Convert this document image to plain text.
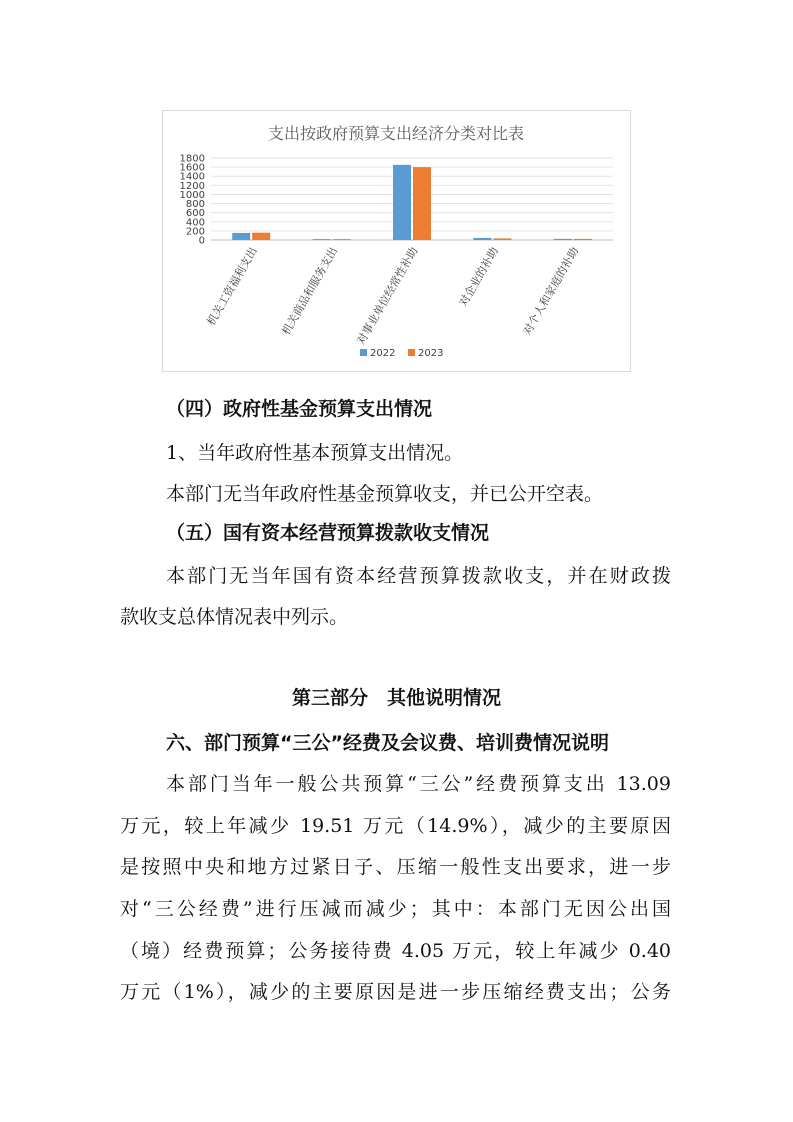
支出按政府预算支出经济分类对比表
1800
1600
1400
1200
1000
800
600
400
200
0
机关工资福利支出 机关商品和服务支出 对事业单位经常性补助	对企业的补助 对个人和家庭的补助
2022 2023
（四）政府性基金预算支出情况
1、当年政府性基本预算支出情况。
本部门无当年政府性基金预算收支，并已公开空表。
（五）国有资本经营预算拨款收支情况
本部门无当年国有资本经营预算拨款收支，并在财政拨
款收支总体情况表中列示。
第三部分　其他说明情况
六、部门预算“三公”经费及会议费、培训费情况说明
本部门当年一般公共预算“三公”经费预算支出 13.09
万元，较上年减少 19.51 万元（14.9%），减少的主要原因
是按照中央和地方过紧日子、压缩一般性支出要求，进一步
对“三公经费”进行压减而减少；其中：本部门无因公出国
（境）经费预算；公务接待费 4.05 万元，较上年减少 0.40
万元（1%），减少的主要原因是进一步压缩经费支出；公务
